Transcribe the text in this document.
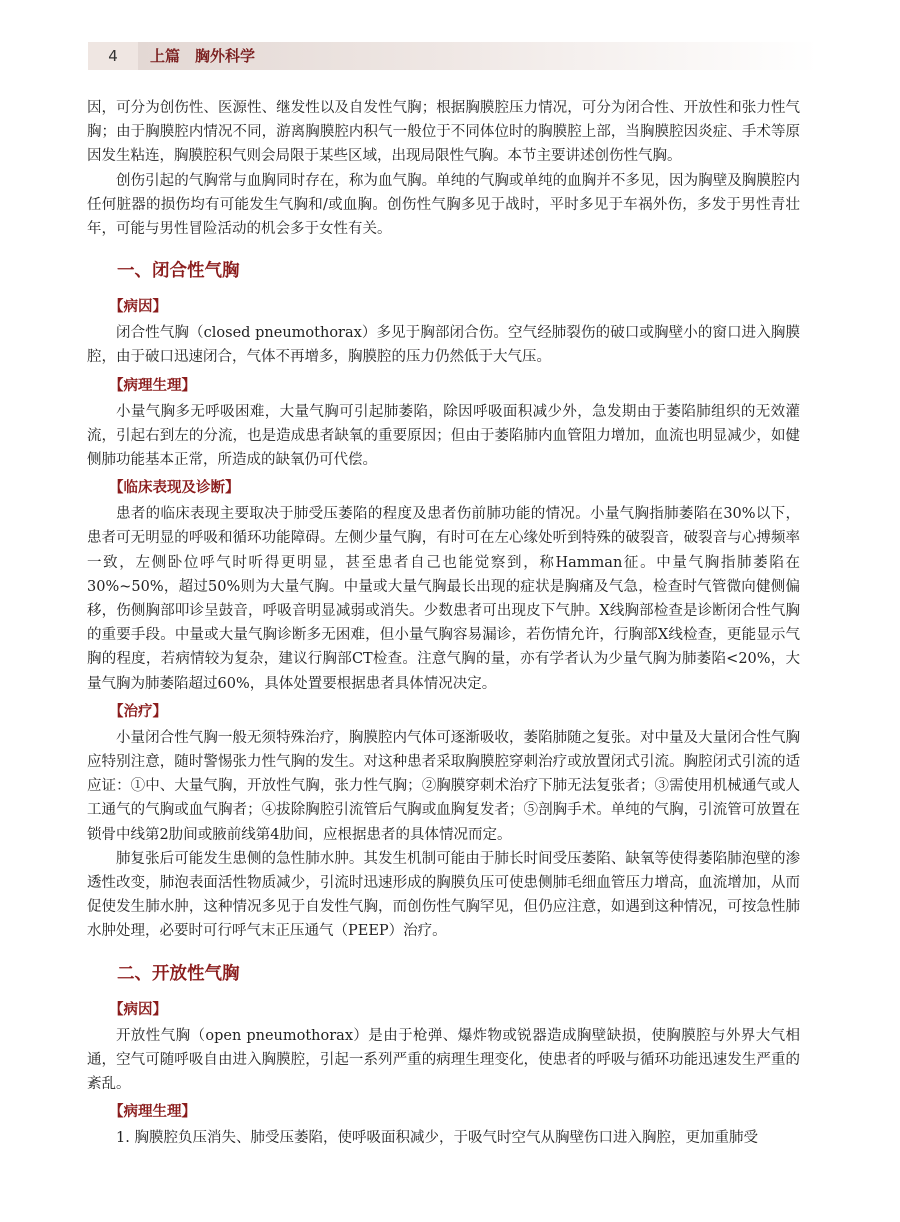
4	上篇　胸外科学

因，可分为创伤性、医源性、继发性以及自发性气胸；根据胸膜腔压力情况，可分为闭合性、开放性和张力性气胸；由于胸膜腔内情况不同，游离胸膜腔内积气一般位于不同体位时的胸膜腔上部，当胸膜腔因炎症、手术等原因发生粘连，胸膜腔积气则会局限于某些区域，出现局限性气胸。本节主要讲述创伤性气胸。

创伤引起的气胸常与血胸同时存在，称为血气胸。单纯的气胸或单纯的血胸并不多见，因为胸壁及胸膜腔内任何脏器的损伤均有可能发生气胸和/或血胸。创伤性气胸多见于战时，平时多见于车祸外伤，多发于男性青壮年，可能与男性冒险活动的机会多于女性有关。

一、闭合性气胸
【病因】

闭合性气胸（closed pneumothorax）多见于胸部闭合伤。空气经肺裂伤的破口或胸壁小的窗口进入胸膜腔，由于破口迅速闭合，气体不再增多，胸膜腔的压力仍然低于大气压。

【病理生理】

小量气胸多无呼吸困难，大量气胸可引起肺萎陷，除因呼吸面积减少外，急发期由于萎陷肺组织的无效灌流，引起右到左的分流，也是造成患者缺氧的重要原因；但由于萎陷肺内血管阻力增加，血流也明显减少，如健侧肺功能基本正常，所造成的缺氧仍可代偿。

【临床表现及诊断】

患者的临床表现主要取决于肺受压萎陷的程度及患者伤前肺功能的情况。小量气胸指肺萎陷在30%以下，患者可无明显的呼吸和循环功能障碍。左侧少量气胸，有时可在左心缘处听到特殊的破裂音，破裂音与心搏频率一致，左侧卧位呼气时听得更明显，甚至患者自己也能觉察到，称Hamman征。中量气胸指肺萎陷在30%~50%，超过50%则为大量气胸。中量或大量气胸最长出现的症状是胸痛及气急，检查时气管微向健侧偏移，伤侧胸部叩诊呈鼓音，呼吸音明显减弱或消失。少数患者可出现皮下气肿。X线胸部检查是诊断闭合性气胸的重要手段。中量或大量气胸诊断多无困难，但小量气胸容易漏诊，若伤情允许，行胸部X线检查，更能显示气胸的程度，若病情较为复杂，建议行胸部CT检查。注意气胸的量，亦有学者认为少量气胸为肺萎陷<20%，大量气胸为肺萎陷超过60%，具体处置要根据患者具体情况决定。

【治疗】

小量闭合性气胸一般无须特殊治疗，胸膜腔内气体可逐渐吸收，萎陷肺随之复张。对中量及大量闭合性气胸应特别注意，随时警惕张力性气胸的发生。对这种患者采取胸膜腔穿刺治疗或放置闭式引流。胸腔闭式引流的适应证：①中、大量气胸，开放性气胸，张力性气胸；②胸膜穿刺术治疗下肺无法复张者；③需使用机械通气或人工通气的气胸或血气胸者；④拔除胸腔引流管后气胸或血胸复发者；⑤剖胸手术。单纯的气胸，引流管可放置在锁骨中线第2肋间或腋前线第4肋间，应根据患者的具体情况而定。

肺复张后可能发生患侧的急性肺水肿。其发生机制可能由于肺长时间受压萎陷、缺氧等使得萎陷肺泡壁的渗透性改变，肺泡表面活性物质减少，引流时迅速形成的胸膜负压可使患侧肺毛细血管压力增高，血流增加，从而促使发生肺水肿，这种情况多见于自发性气胸，而创伤性气胸罕见，但仍应注意，如遇到这种情况，可按急性肺水肿处理，必要时可行呼气末正压通气（PEEP）治疗。

二、开放性气胸
【病因】

开放性气胸（open pneumothorax）是由于枪弹、爆炸物或锐器造成胸壁缺损，使胸膜腔与外界大气相通，空气可随呼吸自由进入胸膜腔，引起一系列严重的病理生理变化，使患者的呼吸与循环功能迅速发生严重的紊乱。

【病理生理】

1. 胸膜腔负压消失、肺受压萎陷，使呼吸面积减少，于吸气时空气从胸壁伤口进入胸腔，更加重肺受
